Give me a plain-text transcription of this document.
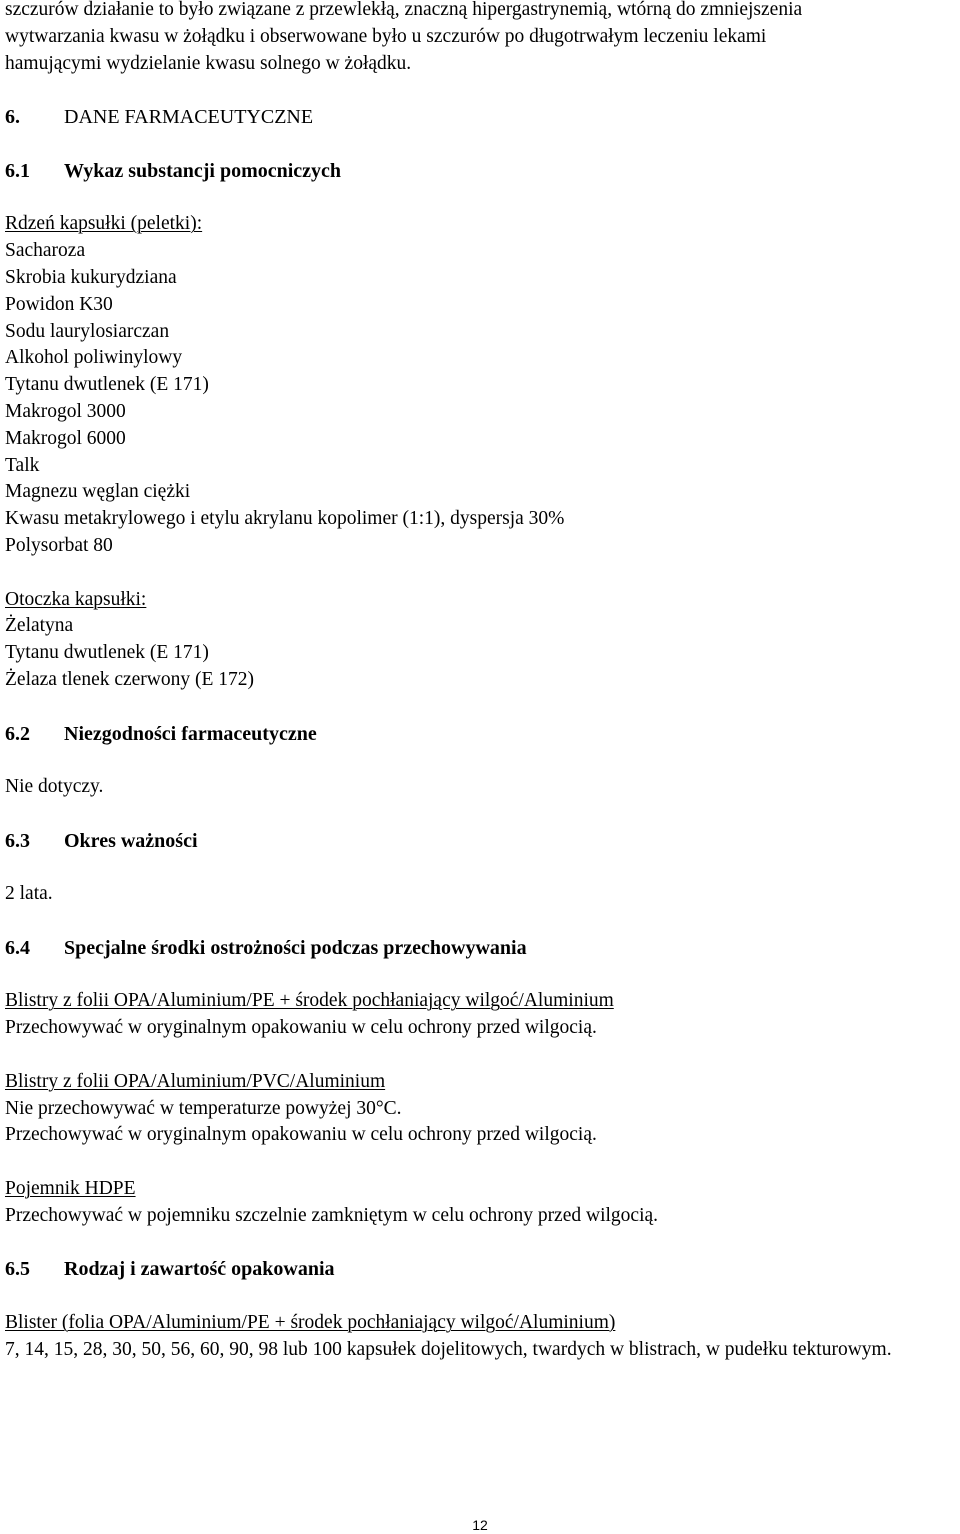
szczurów działanie to było związane z przewlekłą, znaczną hipergastrynemią, wtórną do zmniejszenia

wytwarzania kwasu w żołądku i obserwowane było u szczurów po długotrwałym leczeniu lekami

hamującymi wydzielanie kwasu solnego w żołądku.

6. DANE FARMACEUTYCZNE

6.1 Wykaz substancji pomocniczych

Rdzeń kapsułki (peletki):

Sacharoza

Skrobia kukurydziana

Powidon K30

Sodu laurylosiarczan

Alkohol poliwinylowy

Tytanu dwutlenek (E 171)

Makrogol 3000

Makrogol 6000

Talk

Magnezu węglan ciężki

Kwasu metakrylowego i etylu akrylanu kopolimer (1:1), dyspersja 30%

Polysorbat 80

Otoczka kapsułki:

Żelatyna

Tytanu dwutlenek (E 171)

Żelaza tlenek czerwony (E 172)

6.2 Niezgodności farmaceutyczne

Nie dotyczy.

6.3 Okres ważności

2 lata.

6.4 Specjalne środki ostrożności podczas przechowywania

Blistry z folii OPA/Aluminium/PE + środek pochłaniający wilgoć/Aluminium

Przechowywać w oryginalnym opakowaniu w celu ochrony przed wilgocią.

Blistry z folii OPA/Aluminium/PVC/Aluminium

Nie przechowywać w temperaturze powyżej 30°C.

Przechowywać w oryginalnym opakowaniu w celu ochrony przed wilgocią.

Pojemnik HDPE

Przechowywać w pojemniku szczelnie zamkniętym w celu ochrony przed wilgocią.

6.5 Rodzaj i zawartość opakowania

Blister (folia OPA/Aluminium/PE + środek pochłaniający wilgoć/Aluminium)

7, 14, 15, 28, 30, 50, 56, 60, 90, 98 lub 100 kapsułek dojelitowych, twardych w blistrach, w pudełku tekturowym.

12
